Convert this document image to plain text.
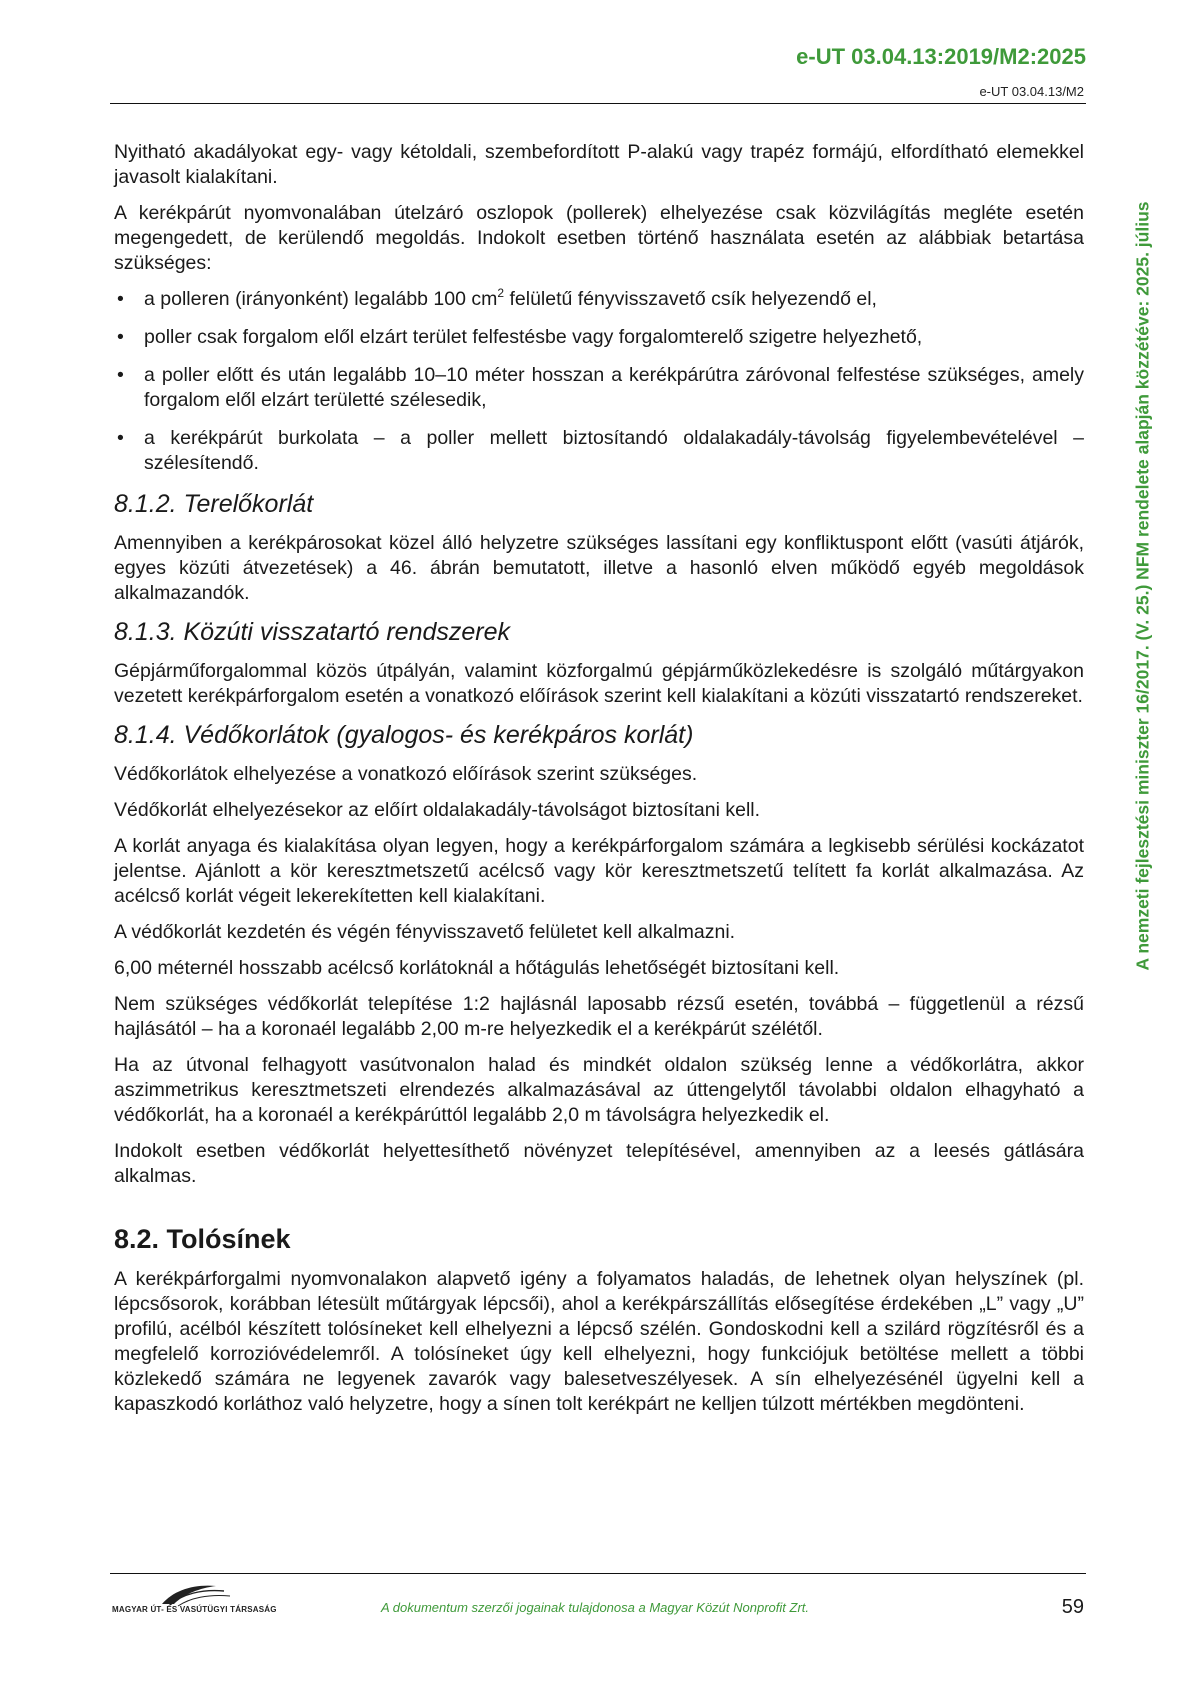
e-UT 03.04.13:2019/M2:2025
e-UT 03.04.13/M2
A nemzeti fejlesztési miniszter 16/2017. (V. 25.) NFM rendelete alapján közzétéve: 2025. július

Nyitható akadályokat egy- vagy kétoldali, szembefordított P-alakú vagy trapéz formájú, elfordítható elemekkel javasolt kialakítani.

A kerékpárút nyomvonalában útelzáró oszlopok (pollerek) elhelyezése csak közvilágítás megléte esetén megengedett, de kerülendő megoldás. Indokolt esetben történő használata esetén az alábbiak betartása szükséges:

• a polleren (irányonként) legalább 100 $cm^2$ felületű fényvisszavető csík helyezendő el,
• poller csak forgalom elől elzárt terület felfestésbe vagy forgalomterelő szigetre helyezhető,
• a poller előtt és után legalább 10–10 méter hosszan a kerékpárútra záróvonal felfestése szükséges, amely forgalom elől elzárt területté szélesedik,
• a kerékpárút burkolata – a poller mellett biztosítandó oldalakadály-távolság figyelembevételével – szélesítendő.
8.1.2. Terelőkorlát

Amennyiben a kerékpárosokat közel álló helyzetre szükséges lassítani egy konfliktuspont előtt (vasúti átjárók, egyes közúti átvezetések) a 46. ábrán bemutatott, illetve a hasonló elven működő egyéb megoldások alkalmazandók.

8.1.3. Közúti visszatartó rendszerek

Gépjárműforgalommal közös útpályán, valamint közforgalmú gépjárműközlekedésre is szolgáló műtárgyakon vezetett kerékpárforgalom esetén a vonatkozó előírások szerint kell kialakítani a közúti visszatartó rendszereket.

8.1.4. Védőkorlátok (gyalogos- és kerékpáros korlát)

Védőkorlátok elhelyezése a vonatkozó előírások szerint szükséges.

Védőkorlát elhelyezésekor az előírt oldalakadály-távolságot biztosítani kell.

A korlát anyaga és kialakítása olyan legyen, hogy a kerékpárforgalom számára a legkisebb sérülési kockázatot jelentse. Ajánlott a kör keresztmetszetű acélcső vagy kör keresztmetszetű telített fa korlát alkalmazása. Az acélcső korlát végeit lekerekítetten kell kialakítani.

A védőkorlát kezdetén és végén fényvisszavető felületet kell alkalmazni.

6,00 méternél hosszabb acélcső korlátoknál a hőtágulás lehetőségét biztosítani kell.

Nem szükséges védőkorlát telepítése 1:2 hajlásnál laposabb rézsű esetén, továbbá – függetlenül a rézsű hajlásától – ha a koronaél legalább 2,00 m-re helyezkedik el a kerékpárút szélétől.

Ha az útvonal felhagyott vasútvonalon halad és mindkét oldalon szükség lenne a védőkorlátra, akkor aszimmetrikus keresztmetszeti elrendezés alkalmazásával az úttengelytől távolabbi oldalon elhagyható a védőkorlát, ha a koronaél a kerékpárúttól legalább 2,0 m távolságra helyezkedik el.

Indokolt esetben védőkorlát helyettesíthető növényzet telepítésével, amennyiben az a leesés gátlására alkalmas.

8.2. Tolósínek

A kerékpárforgalmi nyomvonalakon alapvető igény a folyamatos haladás, de lehetnek olyan helyszínek (pl. lépcsősorok, korábban létesült műtárgyak lépcsői), ahol a kerékpárszállítás elősegítése érdekében „L” vagy „U” profilú, acélból készített tolósíneket kell elhelyezni a lépcső szélén. Gondoskodni kell a szilárd rögzítésről és a megfelelő korrozióvédelemről. A tolósíneket úgy kell elhelyezni, hogy funkciójuk betöltése mellett a többi közlekedő számára ne legyenek zavarók vagy balesetveszélyesek. A sín elhelyezésénél ügyelni kell a kapaszkodó korláthoz való helyzetre, hogy a sínen tolt kerékpárt ne kelljen túlzott mértékben megdönteni.

MAGYAR ÚT- ÉS VASÚTÜGYI TÁRSASÁG	A dokumentum szerzői jogainak tulajdonosa a Magyar Közút Nonprofit Zrt.	59
